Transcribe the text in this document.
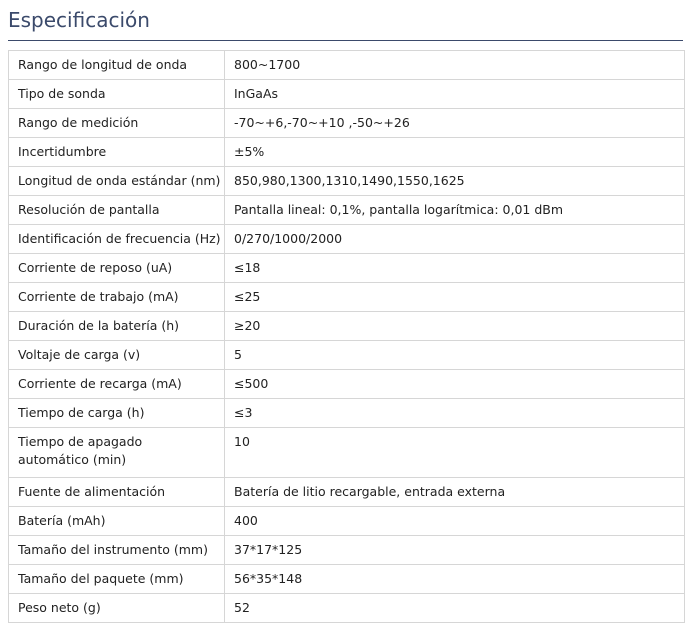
Especificación
Rango de longitud de onda	800~1700
Tipo de sonda	InGaAs
Rango de medición	-70~+6,-70~+10 ,-50~+26
Incertidumbre	±5%
Longitud de onda estándar (nm)	850,980,1300,1310,1490,1550,1625
Resolución de pantalla	Pantalla lineal: 0,1%, pantalla logarítmica: 0,01 dBm
Identificación de frecuencia (Hz)	0/270/1000/2000
Corriente de reposo (uA)	≤18
Corriente de trabajo (mA)	≤25
Duración de la batería (h)	≥20
Voltaje de carga (v)	5
Corriente de recarga (mA)	≤500
Tiempo de carga (h)	≤3
Tiempo de apagado automático (min)	10
Fuente de alimentación	Batería de litio recargable, entrada externa
Batería (mAh)	400
Tamaño del instrumento (mm)	37*17*125
Tamaño del paquete (mm)	56*35*148
Peso neto (g)	52
